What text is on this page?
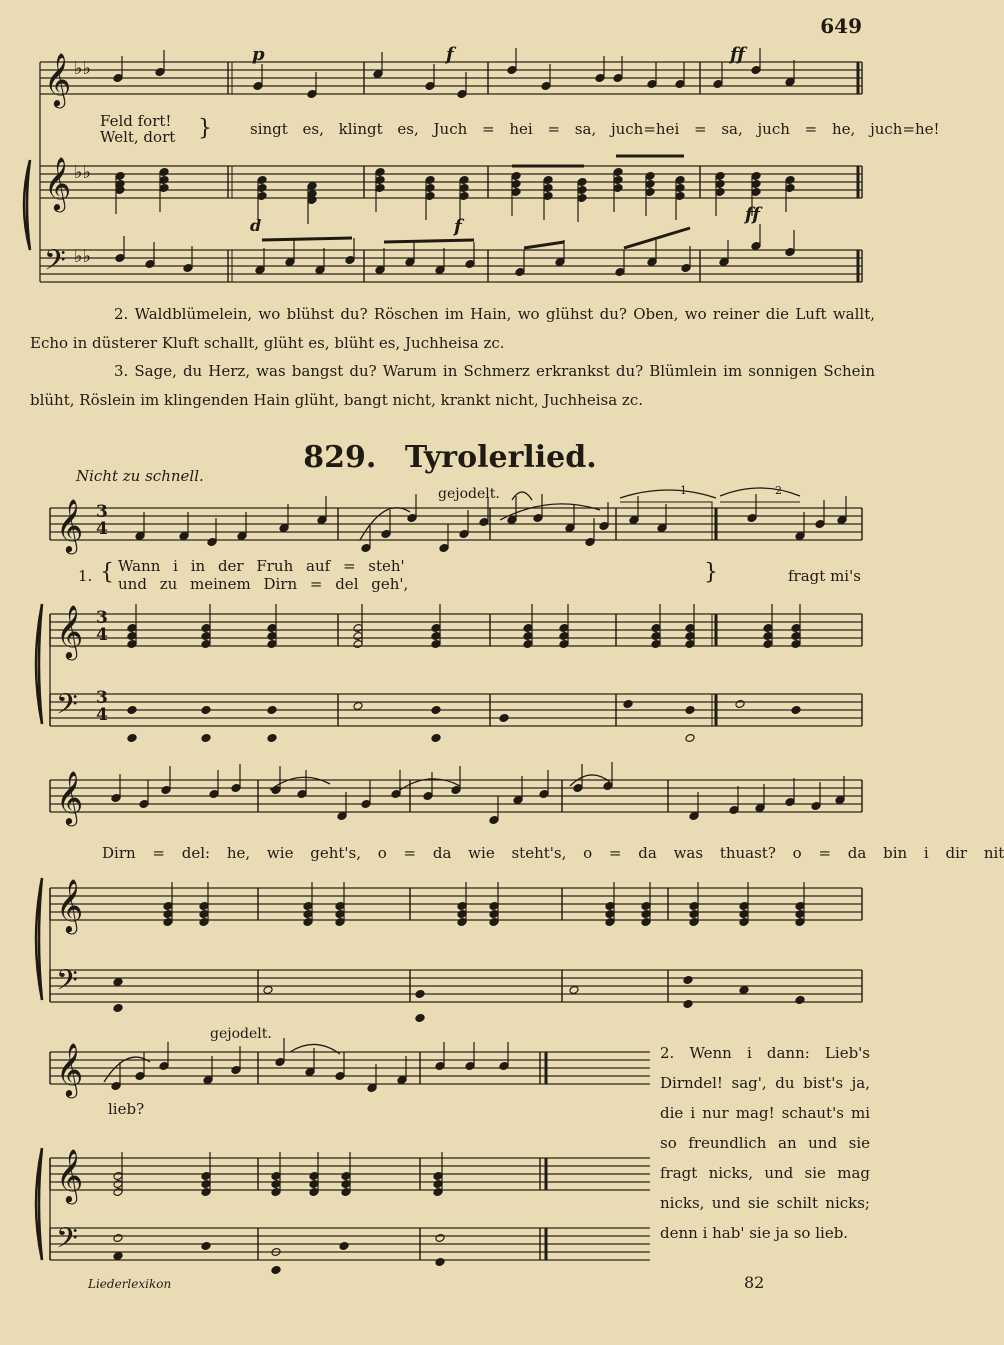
649
𝄞
𝄞
𝄢
♭♭
♭♭
♭♭
𝄞
𝄞
𝄢
𝄞
𝄞
𝄢
𝄞
𝄞
𝄢
3
4
3
4
3
4
p	f	ff
Feld fort!
Welt, dort }	singt es, klingt es, Juch = hei = sa, juch=hei = sa, juch = he, juch=he!
d	f
ff
2. Waldblümelein, wo blühst du? Röschen im Hain, wo glühst du? Oben, wo reiner die Luft wallt, Echo in düsterer Kluft schallt, glüht es, blüht es, Juchheisa zc.
3. Sage, du Herz, was bangst du? Warum in Schmerz erkrankst du? Blümlein im sonnigen Schein blüht, Röslein im klingenden Hain glüht, bangt nicht, krankt nicht, Juchheisa zc.
829. Tyrolerlied.
Nicht zu schnell.
gejodelt.
1. { Wann i in der Fruh auf = steh'
und zu meinem Dirn = del geh',	}	fragt mi's
1	2
Dirn = del: he, wie geht's, o = da wie steht's, o = da was thuast? o = da bin i dir nit
gejodelt.
lieb?
2. Wenn i dann: Lieb's Dirndel! sag', du bist's ja, die i nur mag! schaut's mi so freundlich an und sie fragt nicks, und sie mag nicks, und sie schilt nicks; denn i hab' sie ja so lieb.
Liederlexikon	82
